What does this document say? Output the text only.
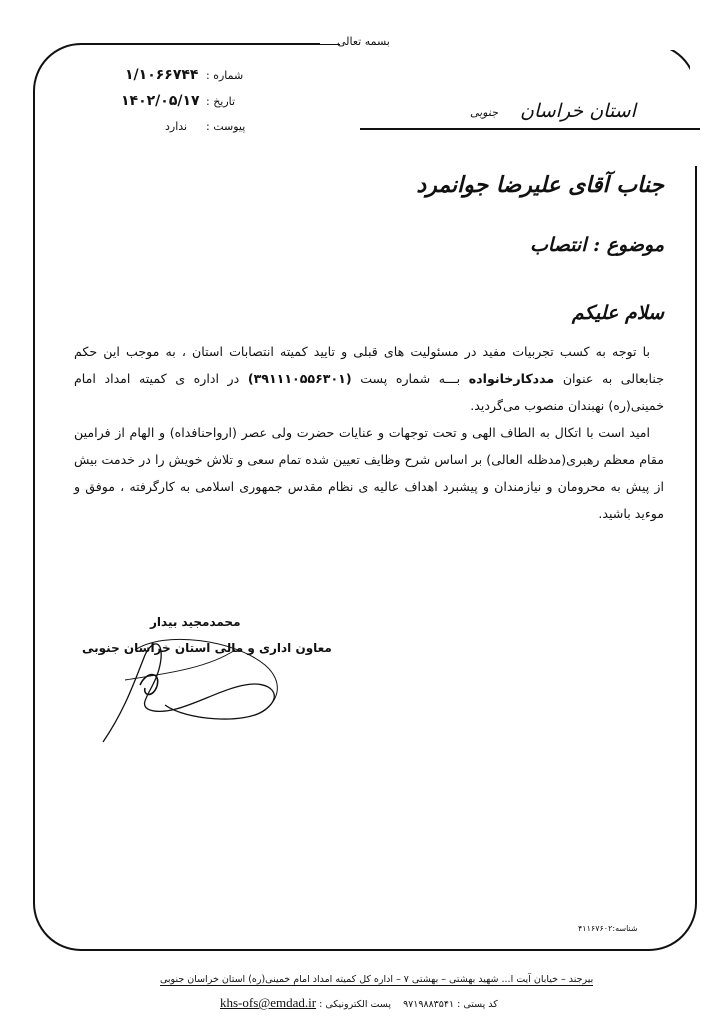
بسمه تعالی
شماره :
۱/۱۰۶۶۷۴۴
تاریخ :
۱۴۰۲/۰۵/۱۷
پیوست :
ندارد
استان خراسان
جنوبی
جناب آقای علیرضا جوانمرد
موضوع : انتصاب
سلام علیکم

با توجه به کسب تجربیات مفید در مسئولیت های قبلی و تایید کمیته انتصابات استان ، به موجب این حکم جنابعالی به عنوان مددکارخانواده بـــه شماره پست (۳۹۱۱۱۰۵۵۶۳۰۱) در اداره ی کمیته امداد امام خمینی(ره) نهبندان منصوب می‌گردید.

امید است با اتکال به الطاف الهی و تحت توجهات و عنایات حضرت ولی عصر (ارواحنافداه) و الهام از فرامین مقام معظم رهبری(مدظله العالی) بر اساس شرح وظایف تعیین شده تمام سعی و تلاش خویش را در خدمت بیش از پیش به محرومان و نیازمندان و پیشبرد اهداف عالیه ی نظام مقدس جمهوری اسلامی به کارگرفته ، موفق و موءید باشید.

محمدمجید بیدار
معاون اداری و مالی استان خراسان جنوبی
شناسه:۴۱۱۶۷۶۰۲
بیرجند – خیابان آیت ا... شهید بهشتی – بهشتی ۷ – اداره کل کمیته امداد امام خمینی(ره) استان خراسان جنوبی
کد پستی : ۹۷۱۹۸۸۳۵۴۱    پست الکترونیکی : khs-ofs@emdad.ir
